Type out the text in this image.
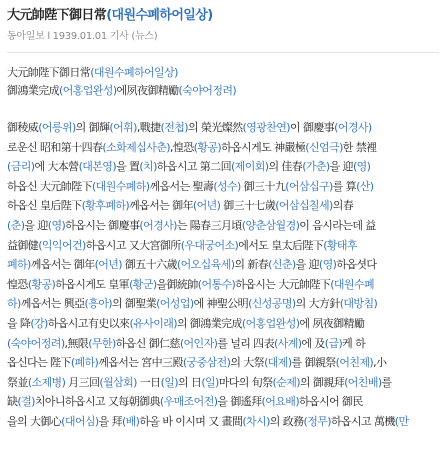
大元帥陛下御日常(대원수폐하어일상)
동아일보 l 1939.01.01 기사 (뉴스)

大元帥陛下御日常(대원수폐하어일상)

御鴻業完成(어홍업완성)에夙夜御精勵(숙야어정려)

御稜威(어릉위)의 御輝(어휘),戰捷(전첩)의 榮光燦然(영광찬연)이 御慶事(어경사)

로운신 昭和第十四春(소화제십사춘),惶恐(황공)하옵시게도 神嚴極(신엄극)한 禁裡

(금리)에 大本營(대본영)을 置(치)하옵시고 第二回(제이회)의 佳春(가춘)을 迎(영)

하옵신 大元帥陛下(대원수폐하)께옵서는 聖壽(성수) 御三十九(어삼십구)를 算(산)

하옵신 皇后陛下(황후폐하)께옵서는 御年(어년) 御三十七歲(어삼십칠세)의春

(춘)을 迎(영)하옵시는 御慶事(어경사)는 陽春三月頃(양춘삼월경)이 음시라는데 益

益御健(익익어건)하옵시고 又大宮御所(우대궁어소)에서도 皇太后陛下(황태후

폐하)께옵서는 御年(어년) 御五十六歲(어오십육세)의 新春(신춘)을 迎(영)하옵셧다

惶恐(황공)하옵시게도 皇軍(황군)을御統帥(어통수)하옵시는 大元帥陛下(대원수폐

하)께옵서는 興亞(흥아)의 御聖業(어성업)에 神聖公明(신성공명)의 大方針(대방침)

을 降(강)하옵시고有史以來(유사이래)의 御鴻業完成(어홍업완성)에 夙夜御精勵

(숙야어정려),無限(무한)하옵신 御仁慈(어인자)를 널리 四表(사계)에 及(급)케 하

옵신다는 陛下(폐하)께옵서는 宮中三殿(궁중삼전)의 大祭(대제)를 御親祭(어친제),小

祭並(소제병) 月三回(월삼회) 一日(일)의 日(일)마다의 旬祭(순제)의 御親拜(어친배)를

缺(결)치아니하옵시고 又每朝御典(우매조어전)을 御遙拜(어요배)하옵시어 御民

을의 大御心(대어심)을 拜(배)하올 바 이시며 又 畫間(차시)의 政務(정무)하옵시고 萬機(만
